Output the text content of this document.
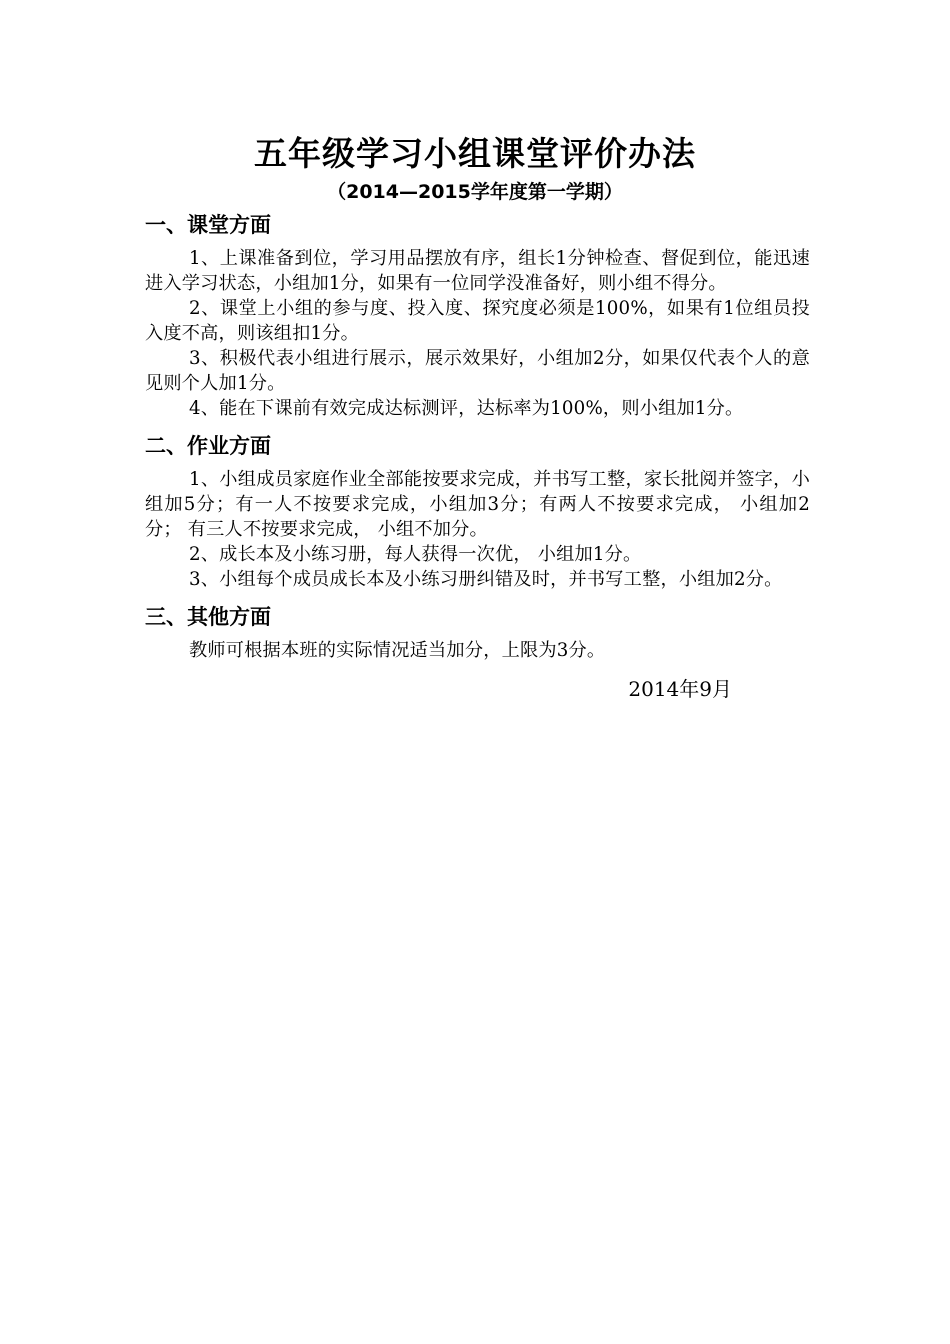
五年级学习小组课堂评价办法
（2014—2015学年度第一学期）
一、课堂方面

1、上课准备到位，学习用品摆放有序，组长1分钟检查、督促到位，能迅速进入学习状态，小组加1分，如果有一位同学没准备好，则小组不得分。

2、课堂上小组的参与度、投入度、探究度必须是100%，如果有1位组员投入度不高，则该组扣1分。

3、积极代表小组进行展示，展示效果好，小组加2分，如果仅代表个人的意见则个人加1分。

4、能在下课前有效完成达标测评，达标率为100%，则小组加1分。

二、作业方面

1、小组成员家庭作业全部能按要求完成，并书写工整，家长批阅并签字，小组加5分；有一人不按要求完成，小组加3分；有两人不按要求完成， 小组加2分； 有三人不按要求完成， 小组不加分。

2、成长本及小练习册，每人获得一次优， 小组加1分。

3、小组每个成员成长本及小练习册纠错及时，并书写工整，小组加2分。

三、其他方面

教师可根据本班的实际情况适当加分，上限为3分。

2014年9月
